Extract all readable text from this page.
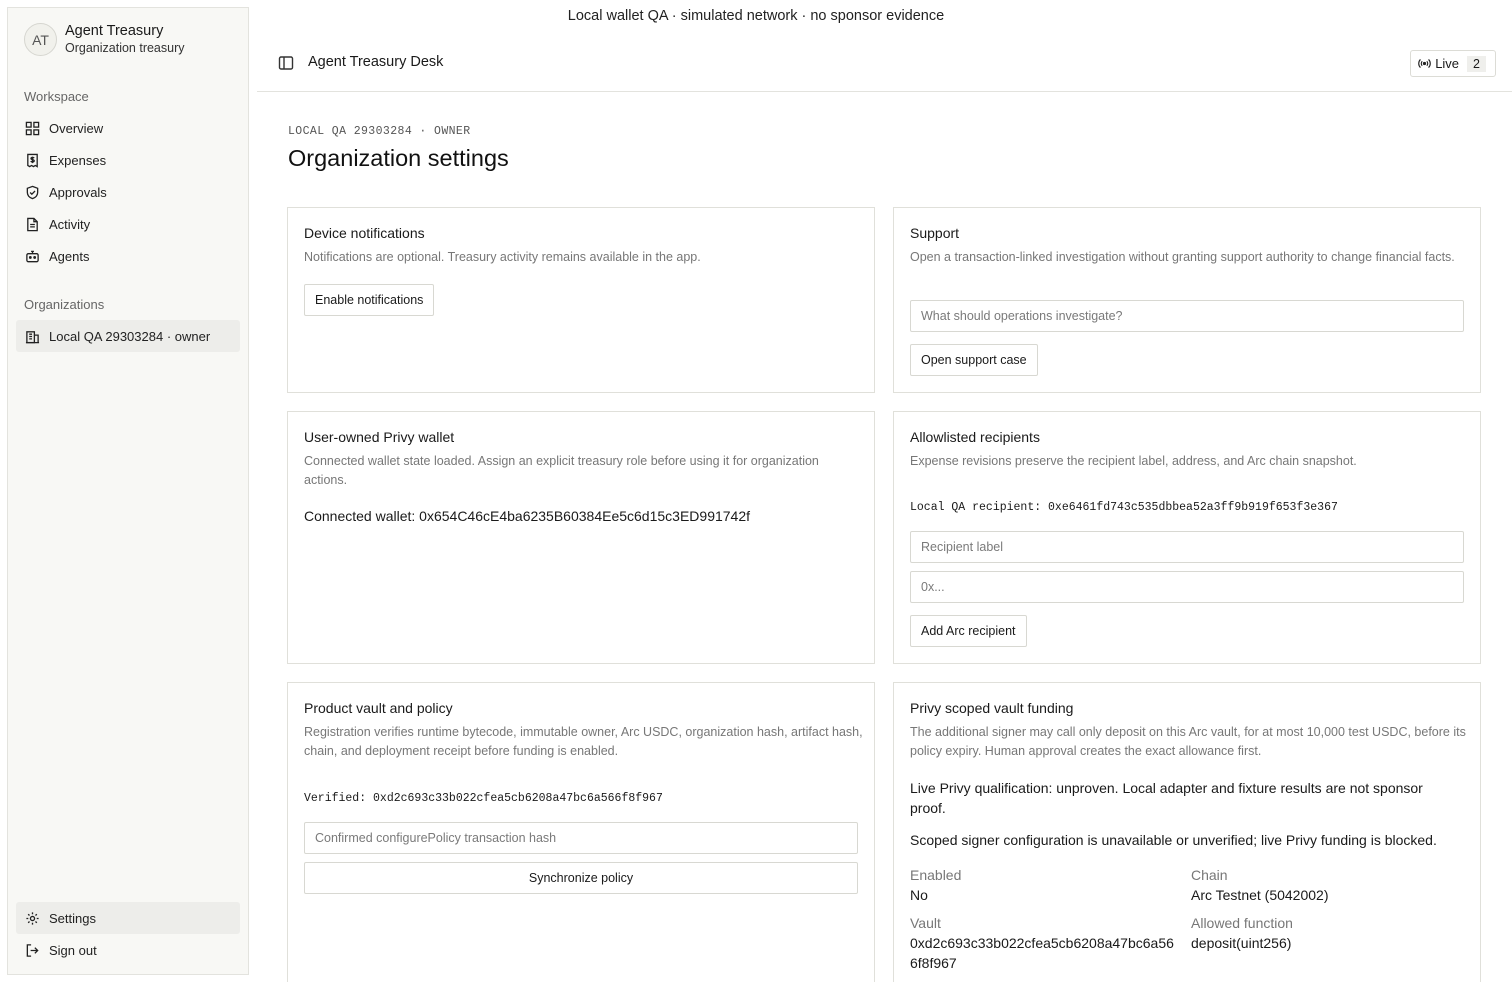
Local wallet QA · simulated network · no sponsor evidence
AT
Agent Treasury
Organization treasury
Workspace
Overview
Expenses
Approvals
Activity
Agents
Organizations
Local QA 29303284 · owner
Settings
Sign out
Agent Treasury Desk	Live	2
LOCAL QA 29303284 · OWNER
Organization settings
Device notifications
Notifications are optional. Treasury activity remains available in the app.
Enable notifications
Support
Open a transaction-linked investigation without granting support authority to change financial facts.
What should operations investigate?
Open support case
User-owned Privy wallet
Connected wallet state loaded. Assign an explicit treasury role before using it for organization actions.
Connected wallet: 0x654C46cE4ba6235B60384Ee5c6d15c3ED991742f
Allowlisted recipients
Expense revisions preserve the recipient label, address, and Arc chain snapshot.
Local QA recipient: 0xe6461fd743c535dbbea52a3ff9b919f653f3e367
Recipient label
0x...
Add Arc recipient
Product vault and policy
Registration verifies runtime bytecode, immutable owner, Arc USDC, organization hash, artifact hash, chain, and deployment receipt before funding is enabled.
Verified: 0xd2c693c33b022cfea5cb6208a47bc6a566f8f967
Confirmed configurePolicy transaction hash
Synchronize policy
Privy scoped vault funding
The additional signer may call only deposit on this Arc vault, for at most 10,000 test USDC, before its policy expiry. Human approval creates the exact allowance first.
Live Privy qualification: unproven. Local adapter and fixture results are not sponsor proof.
Scoped signer configuration is unavailable or unverified; live Privy funding is blocked.
Enabled
No
Chain
Arc Testnet (5042002)
Vault
0xd2c693c33b022cfea5cb6208a47bc6a566f8f967
Allowed function
deposit(uint256)
